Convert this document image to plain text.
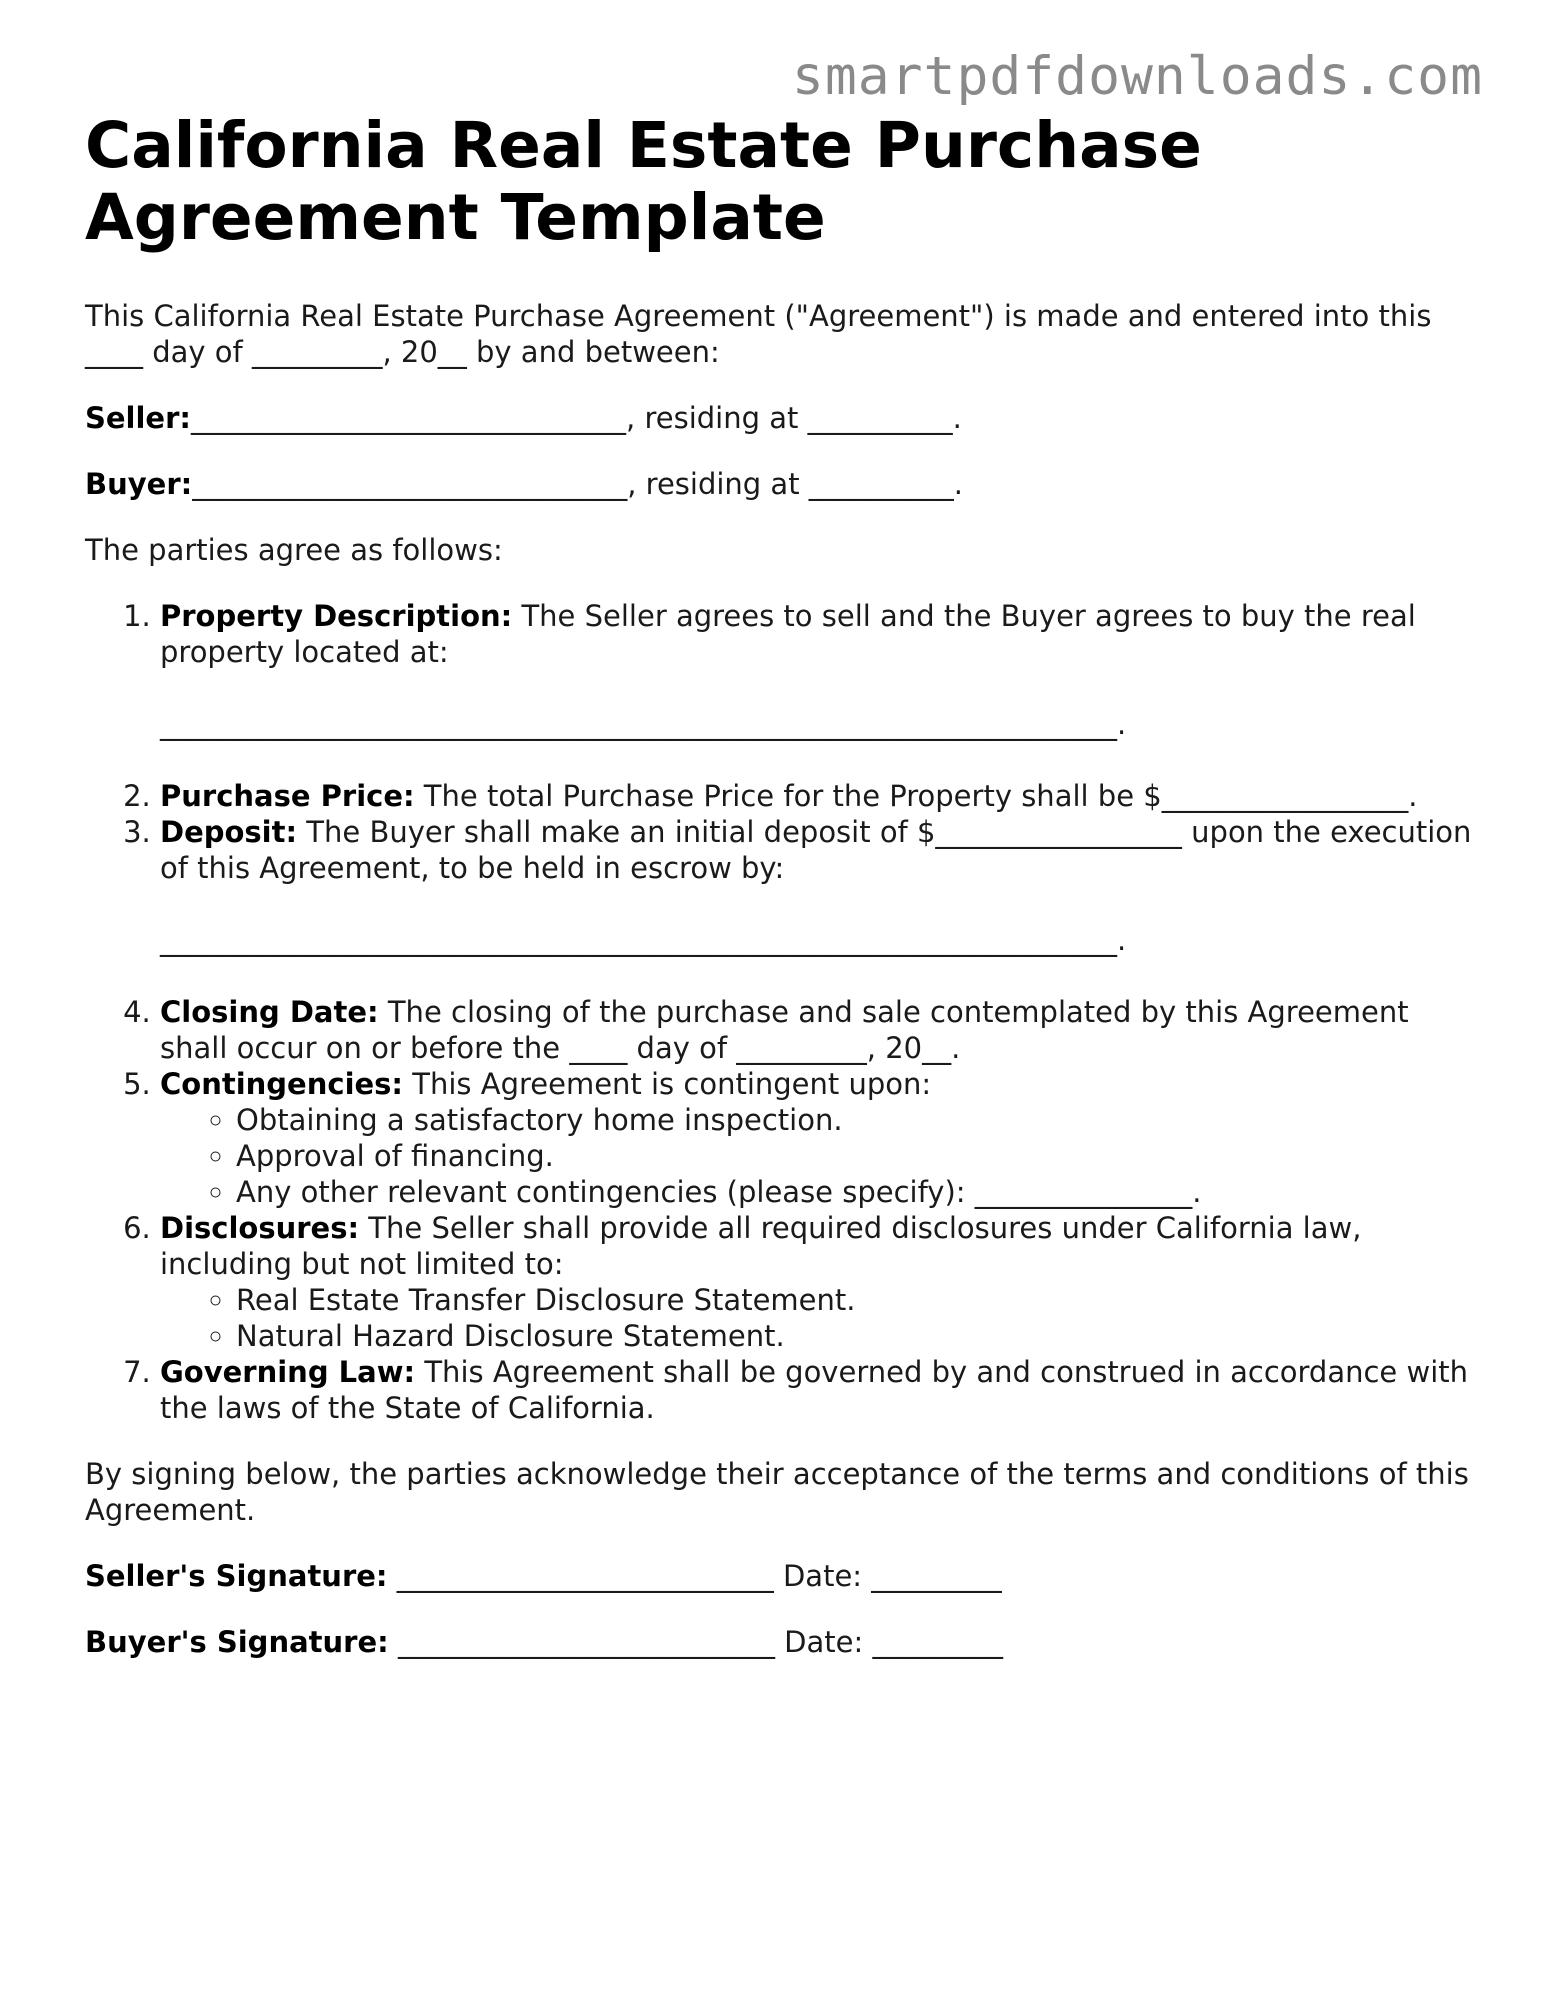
smartpdfdownloads.com
California Real Estate Purchase Agreement Template

This California Real Estate Purchase Agreement ("Agreement") is made and entered into this ____ day of _________, 20__ by and between:

Seller:______________________________, residing at __________.

Buyer:______________________________, residing at __________.

The parties agree as follows:

1. Property Description: The Seller agrees to sell and the Buyer agrees to buy the real property located at:
__________________________________________________________________.
2. Purchase Price: The total Purchase Price for the Property shall be $_________________.
3. Deposit: The Buyer shall make an initial deposit of $_________________ upon the execution of this Agreement, to be held in escrow by:
__________________________________________________________________.
4. Closing Date: The closing of the purchase and sale contemplated by this Agreement shall occur on or before the ____ day of _________, 20__.
5. Contingencies: This Agreement is contingent upon:
◦ Obtaining a satisfactory home inspection.
◦ Approval of financing.
◦ Any other relevant contingencies (please specify): _______________.
6. Disclosures: The Seller shall provide all required disclosures under California law, including but not limited to:
◦ Real Estate Transfer Disclosure Statement.
◦ Natural Hazard Disclosure Statement.
7. Governing Law: This Agreement shall be governed by and construed in accordance with the laws of the State of California.

By signing below, the parties acknowledge their acceptance of the terms and conditions of this Agreement.

Seller's Signature: __________________________ Date: _________

Buyer's Signature: __________________________ Date: _________
